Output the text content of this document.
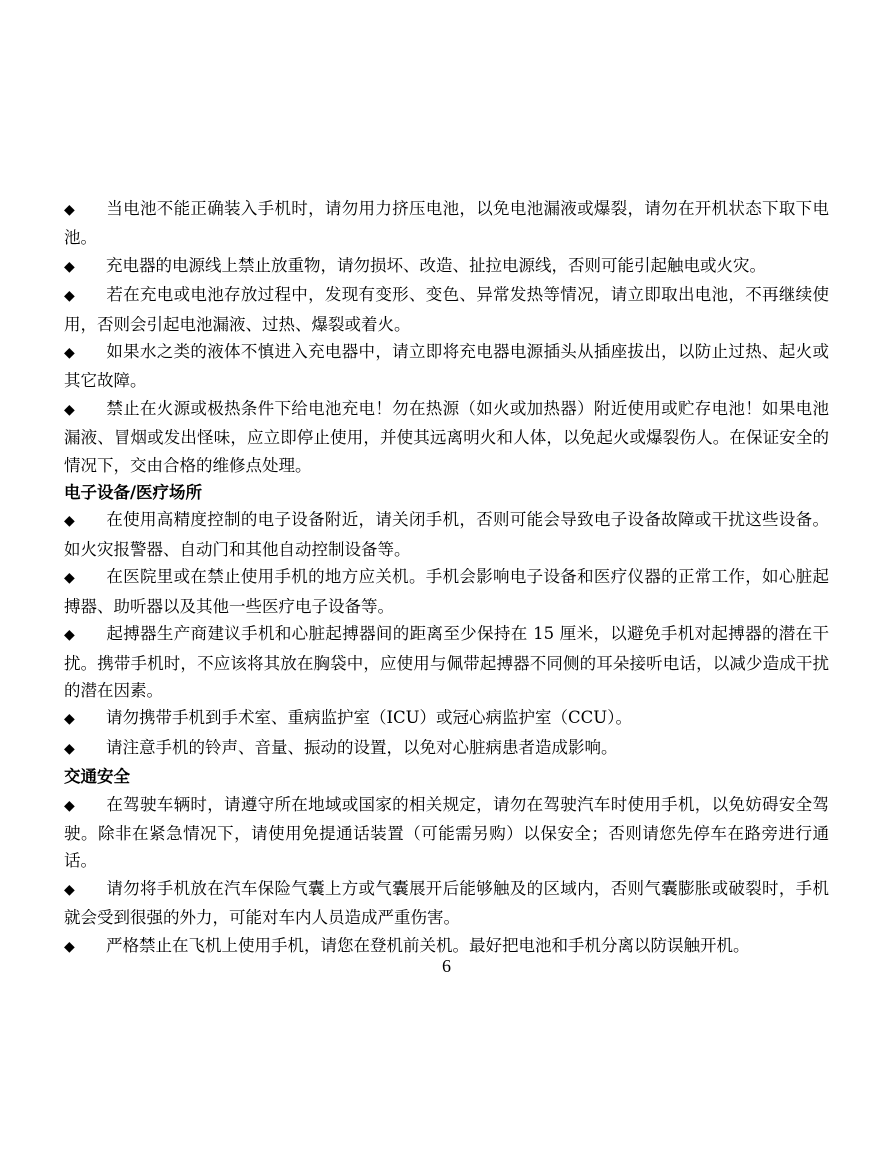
◆ 当电池不能正确装入手机时，请勿用力挤压电池，以免电池漏液或爆裂，请勿在开机状态下取下电池。

◆ 充电器的电源线上禁止放重物，请勿损坏、改造、扯拉电源线，否则可能引起触电或火灾。

◆ 若在充电或电池存放过程中，发现有变形、变色、异常发热等情况，请立即取出电池，不再继续使用，否则会引起电池漏液、过热、爆裂或着火。

◆ 如果水之类的液体不慎进入充电器中，请立即将充电器电源插头从插座拔出，以防止过热、起火或其它故障。

◆ 禁止在火源或极热条件下给电池充电！勿在热源（如火或加热器）附近使用或贮存电池！如果电池漏液、冒烟或发出怪味，应立即停止使用，并使其远离明火和人体，以免起火或爆裂伤人。在保证安全的情况下，交由合格的维修点处理。

电子设备/医疗场所

◆ 在使用高精度控制的电子设备附近，请关闭手机，否则可能会导致电子设备故障或干扰这些设备。如火灾报警器、自动门和其他自动控制设备等。

◆ 在医院里或在禁止使用手机的地方应关机。手机会影响电子设备和医疗仪器的正常工作，如心脏起搏器、助听器以及其他一些医疗电子设备等。

◆ 起搏器生产商建议手机和心脏起搏器间的距离至少保持在 15 厘米，以避免手机对起搏器的潜在干扰。携带手机时，不应该将其放在胸袋中，应使用与佩带起搏器不同侧的耳朵接听电话，以减少造成干扰的潜在因素。

◆ 请勿携带手机到手术室、重病监护室（ICU）或冠心病监护室（CCU）。

◆ 请注意手机的铃声、音量、振动的设置，以免对心脏病患者造成影响。

交通安全

◆ 在驾驶车辆时，请遵守所在地域或国家的相关规定，请勿在驾驶汽车时使用手机，以免妨碍安全驾驶。除非在紧急情况下，请使用免提通话装置（可能需另购）以保安全；否则请您先停车在路旁进行通话。

◆ 请勿将手机放在汽车保险气囊上方或气囊展开后能够触及的区域内，否则气囊膨胀或破裂时，手机就会受到很强的外力，可能对车内人员造成严重伤害。

◆ 严格禁止在飞机上使用手机，请您在登机前关机。最好把电池和手机分离以防误触开机。

6
